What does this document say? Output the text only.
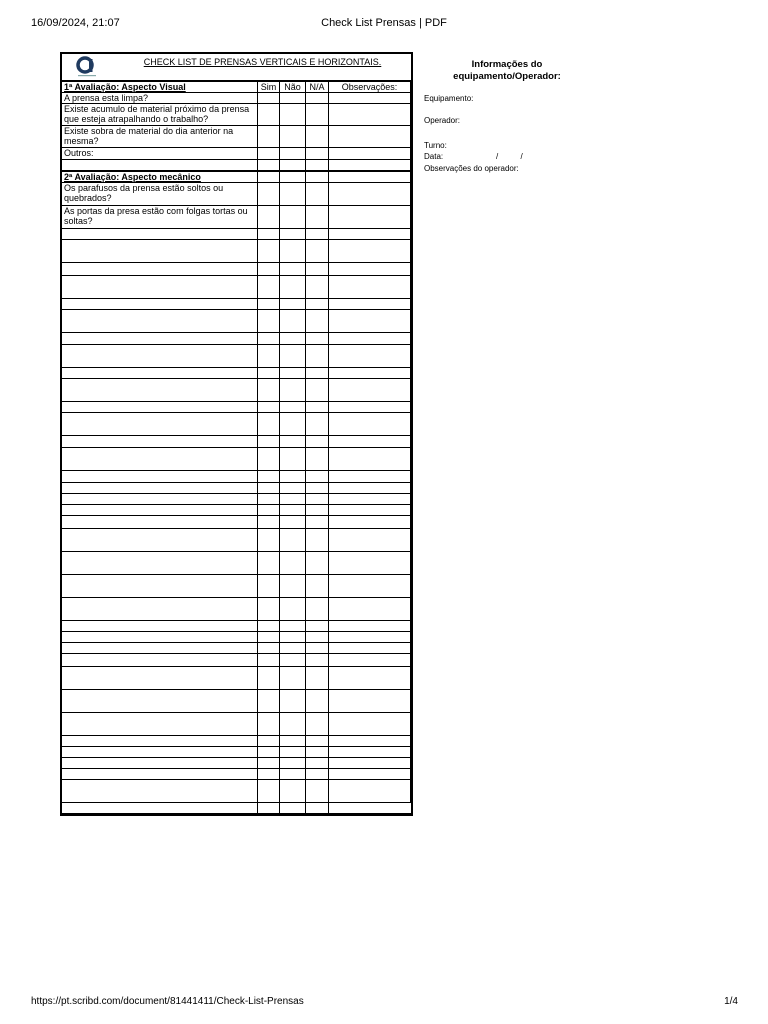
Check List Prensas | PDF
16/09/2024, 21:07
CHECK LIST DE PRENSAS VERTICAIS E HORIZONTAIS.
1ª Avaliação: Aspecto Visual	Sim Não N/A	Observações:
A prensa esta limpa?
Existe acumulo de material próximo da prensa que esteja atrapalhando o trabalho?
Existe sobra de material do dia anterior na mesma?
Outros:
2ª Avaliação: Aspecto mecânico
Os parafusos da prensa estão soltos ou quebrados?
As portas da presa estão com folgas tortas ou soltas?
Informações do equipamento/Operador:
Equipamento:
Operador:
Turno:
Data:	/          /
Observações do operador:
https://pt.scribd.com/document/81441411/Check-List-Prensas	1/4
